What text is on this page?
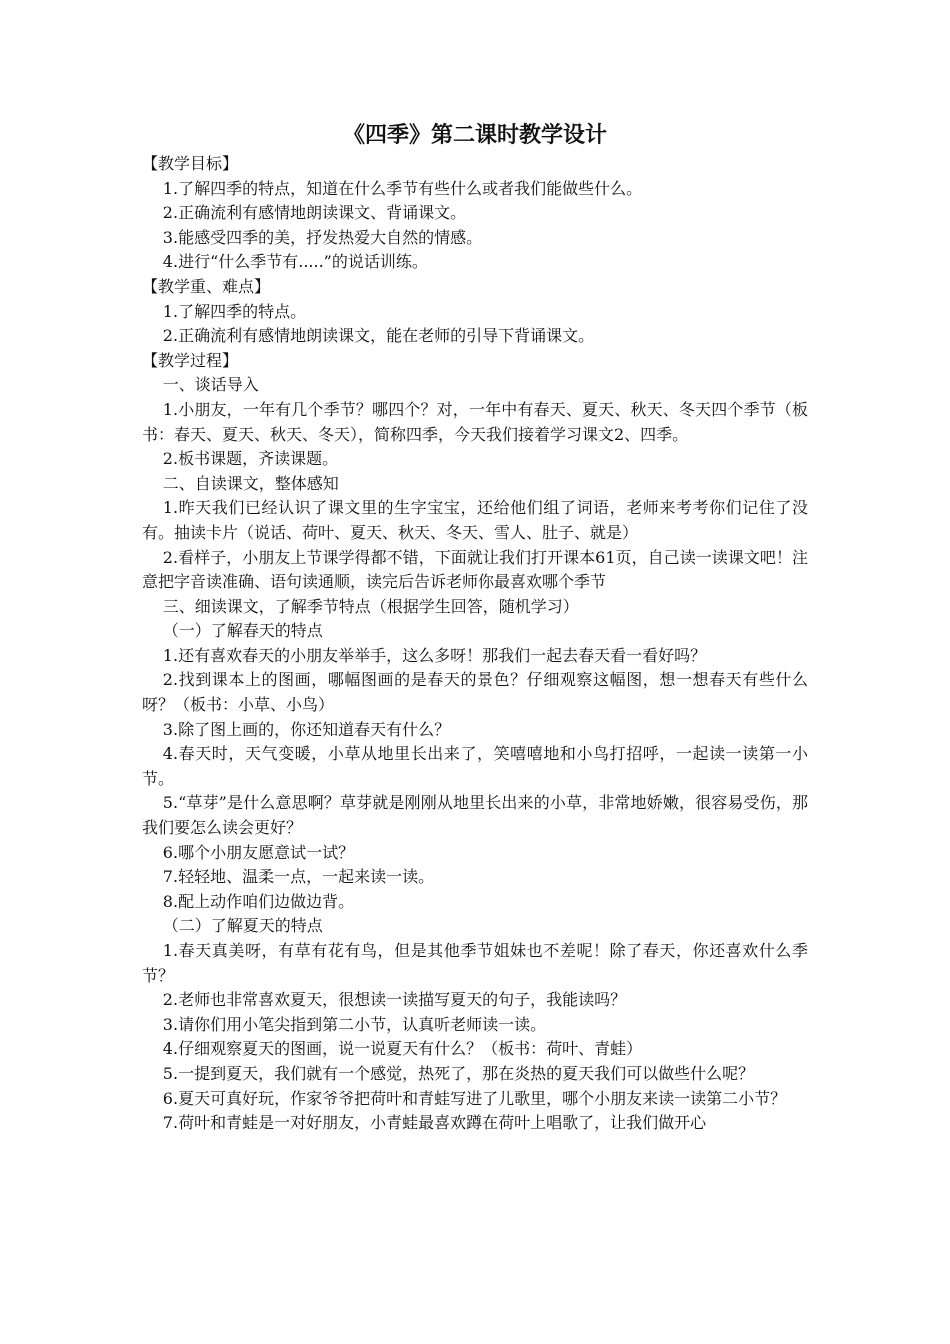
《四季》第二课时教学设计
【教学目标】
1.了解四季的特点，知道在什么季节有些什么或者我们能做些什么。
2.正确流利有感情地朗读课文、背诵课文。
3.能感受四季的美，抒发热爱大自然的情感。
4.进行“什么季节有.....”的说话训练。
【教学重、难点】
1.了解四季的特点。
2.正确流利有感情地朗读课文，能在老师的引导下背诵课文。
【教学过程】
一、谈话导入
1.小朋友，一年有几个季节？哪四个？对，一年中有春天、夏天、秋天、冬天四个季节（板书：春天、夏天、秋天、冬天），简称四季，今天我们接着学习课文2、四季。
2.板书课题，齐读课题。
二、自读课文，整体感知
1.昨天我们已经认识了课文里的生字宝宝，还给他们组了词语，老师来考考你们记住了没有。抽读卡片（说话、荷叶、夏天、秋天、冬天、雪人、肚子、就是）
2.看样子，小朋友上节课学得都不错，下面就让我们打开课本61页，自己读一读课文吧！注意把字音读准确、语句读通顺，读完后告诉老师你最喜欢哪个季节
三、细读课文，了解季节特点（根据学生回答，随机学习）
（一）了解春天的特点
1.还有喜欢春天的小朋友举举手，这么多呀！那我们一起去春天看一看好吗？
2.找到课本上的图画，哪幅图画的是春天的景色？仔细观察这幅图，想一想春天有些什么呀？（板书：小草、小鸟）
3.除了图上画的，你还知道春天有什么？
4.春天时，天气变暖，小草从地里长出来了，笑嘻嘻地和小鸟打招呼，一起读一读第一小节。
5.“草芽”是什么意思啊？草芽就是刚刚从地里长出来的小草，非常地娇嫩，很容易受伤，那我们要怎么读会更好？
6.哪个小朋友愿意试一试？
7.轻轻地、温柔一点，一起来读一读。
8.配上动作咱们边做边背。
（二）了解夏天的特点
1.春天真美呀，有草有花有鸟，但是其他季节姐妹也不差呢！除了春天，你还喜欢什么季节？
2.老师也非常喜欢夏天，很想读一读描写夏天的句子，我能读吗？
3.请你们用小笔尖指到第二小节，认真听老师读一读。
4.仔细观察夏天的图画，说一说夏天有什么？（板书：荷叶、青蛙）
5.一提到夏天，我们就有一个感觉，热死了，那在炎热的夏天我们可以做些什么呢？
6.夏天可真好玩，作家爷爷把荷叶和青蛙写进了儿歌里，哪个小朋友来读一读第二小节？
7.荷叶和青蛙是一对好朋友，小青蛙最喜欢蹲在荷叶上唱歌了，让我们做开心
